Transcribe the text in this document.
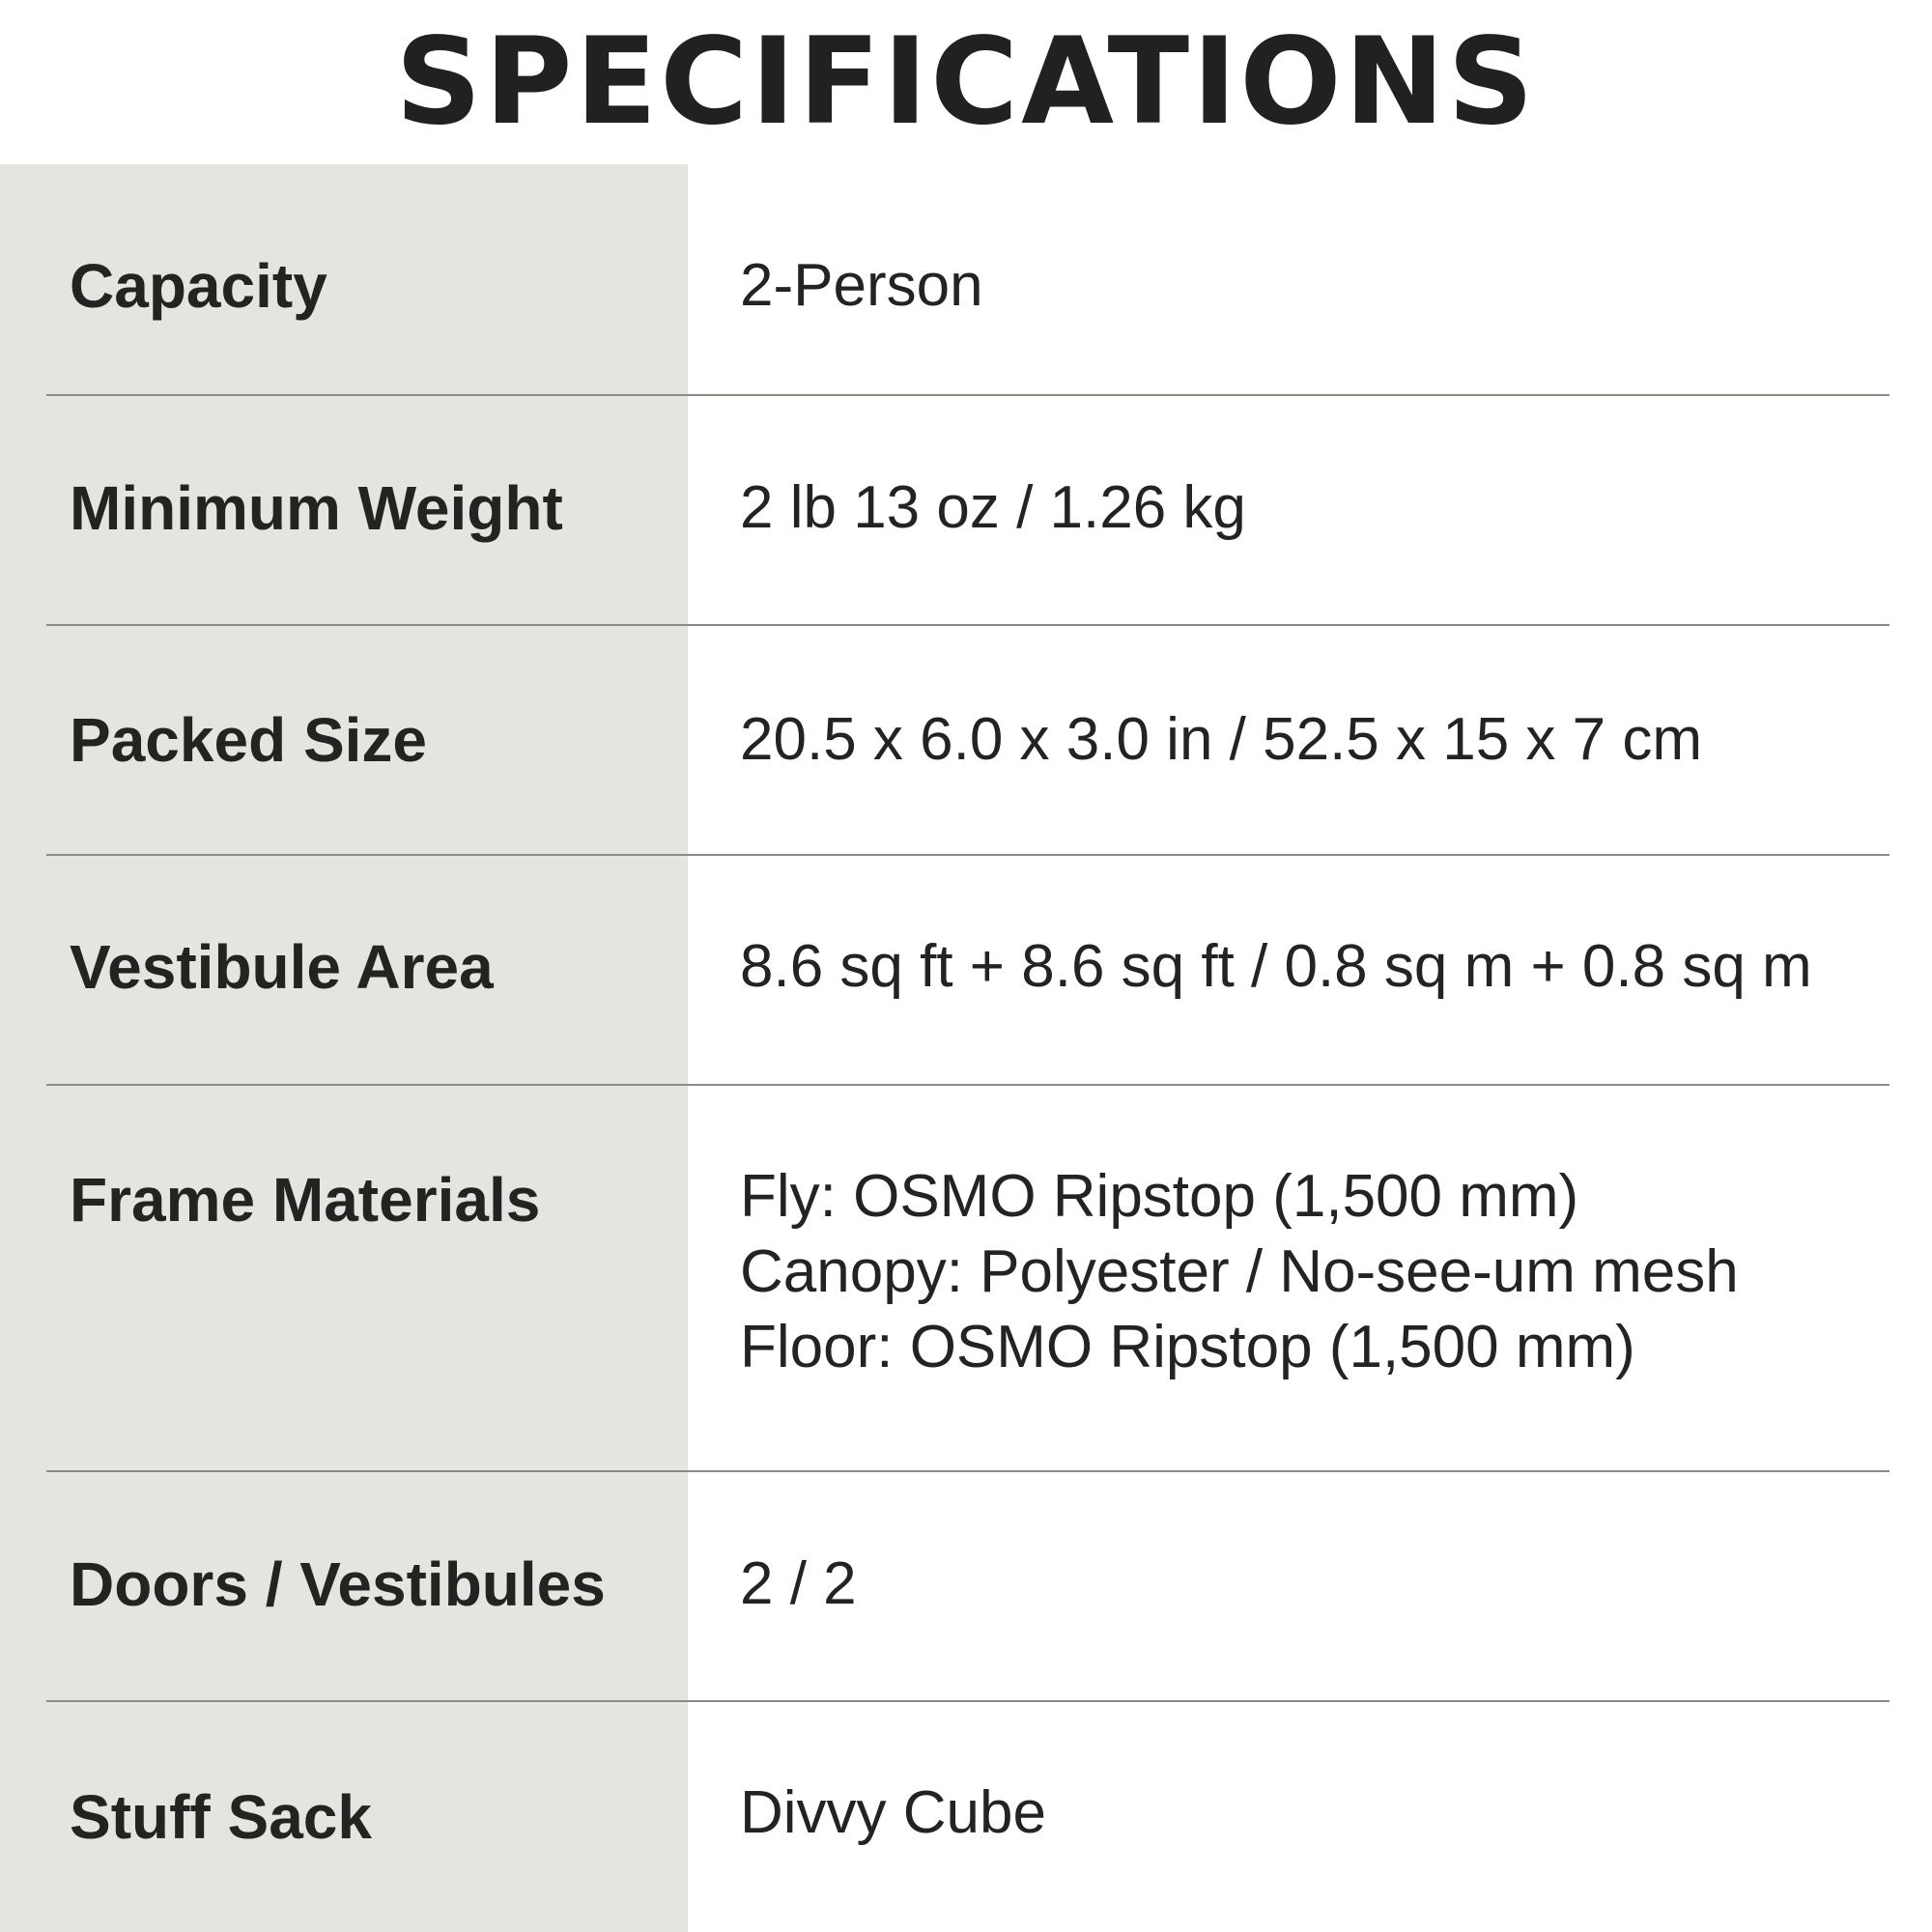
SPECIFICATIONS
Capacity	2-Person
Minimum Weight	2 lb 13 oz / 1.26 kg
Packed Size	20.5 x 6.0 x 3.0 in / 52.5 x 15 x 7 cm
Vestibule Area	8.6 sq ft + 8.6 sq ft / 0.8 sq m + 0.8 sq m
Frame Materials	Fly: OSMO Ripstop (1,500 mm)
Canopy: Polyester / No-see-um mesh
Floor: OSMO Ripstop (1,500 mm)
Doors / Vestibules	2 / 2
Stuff Sack	Divvy Cube
